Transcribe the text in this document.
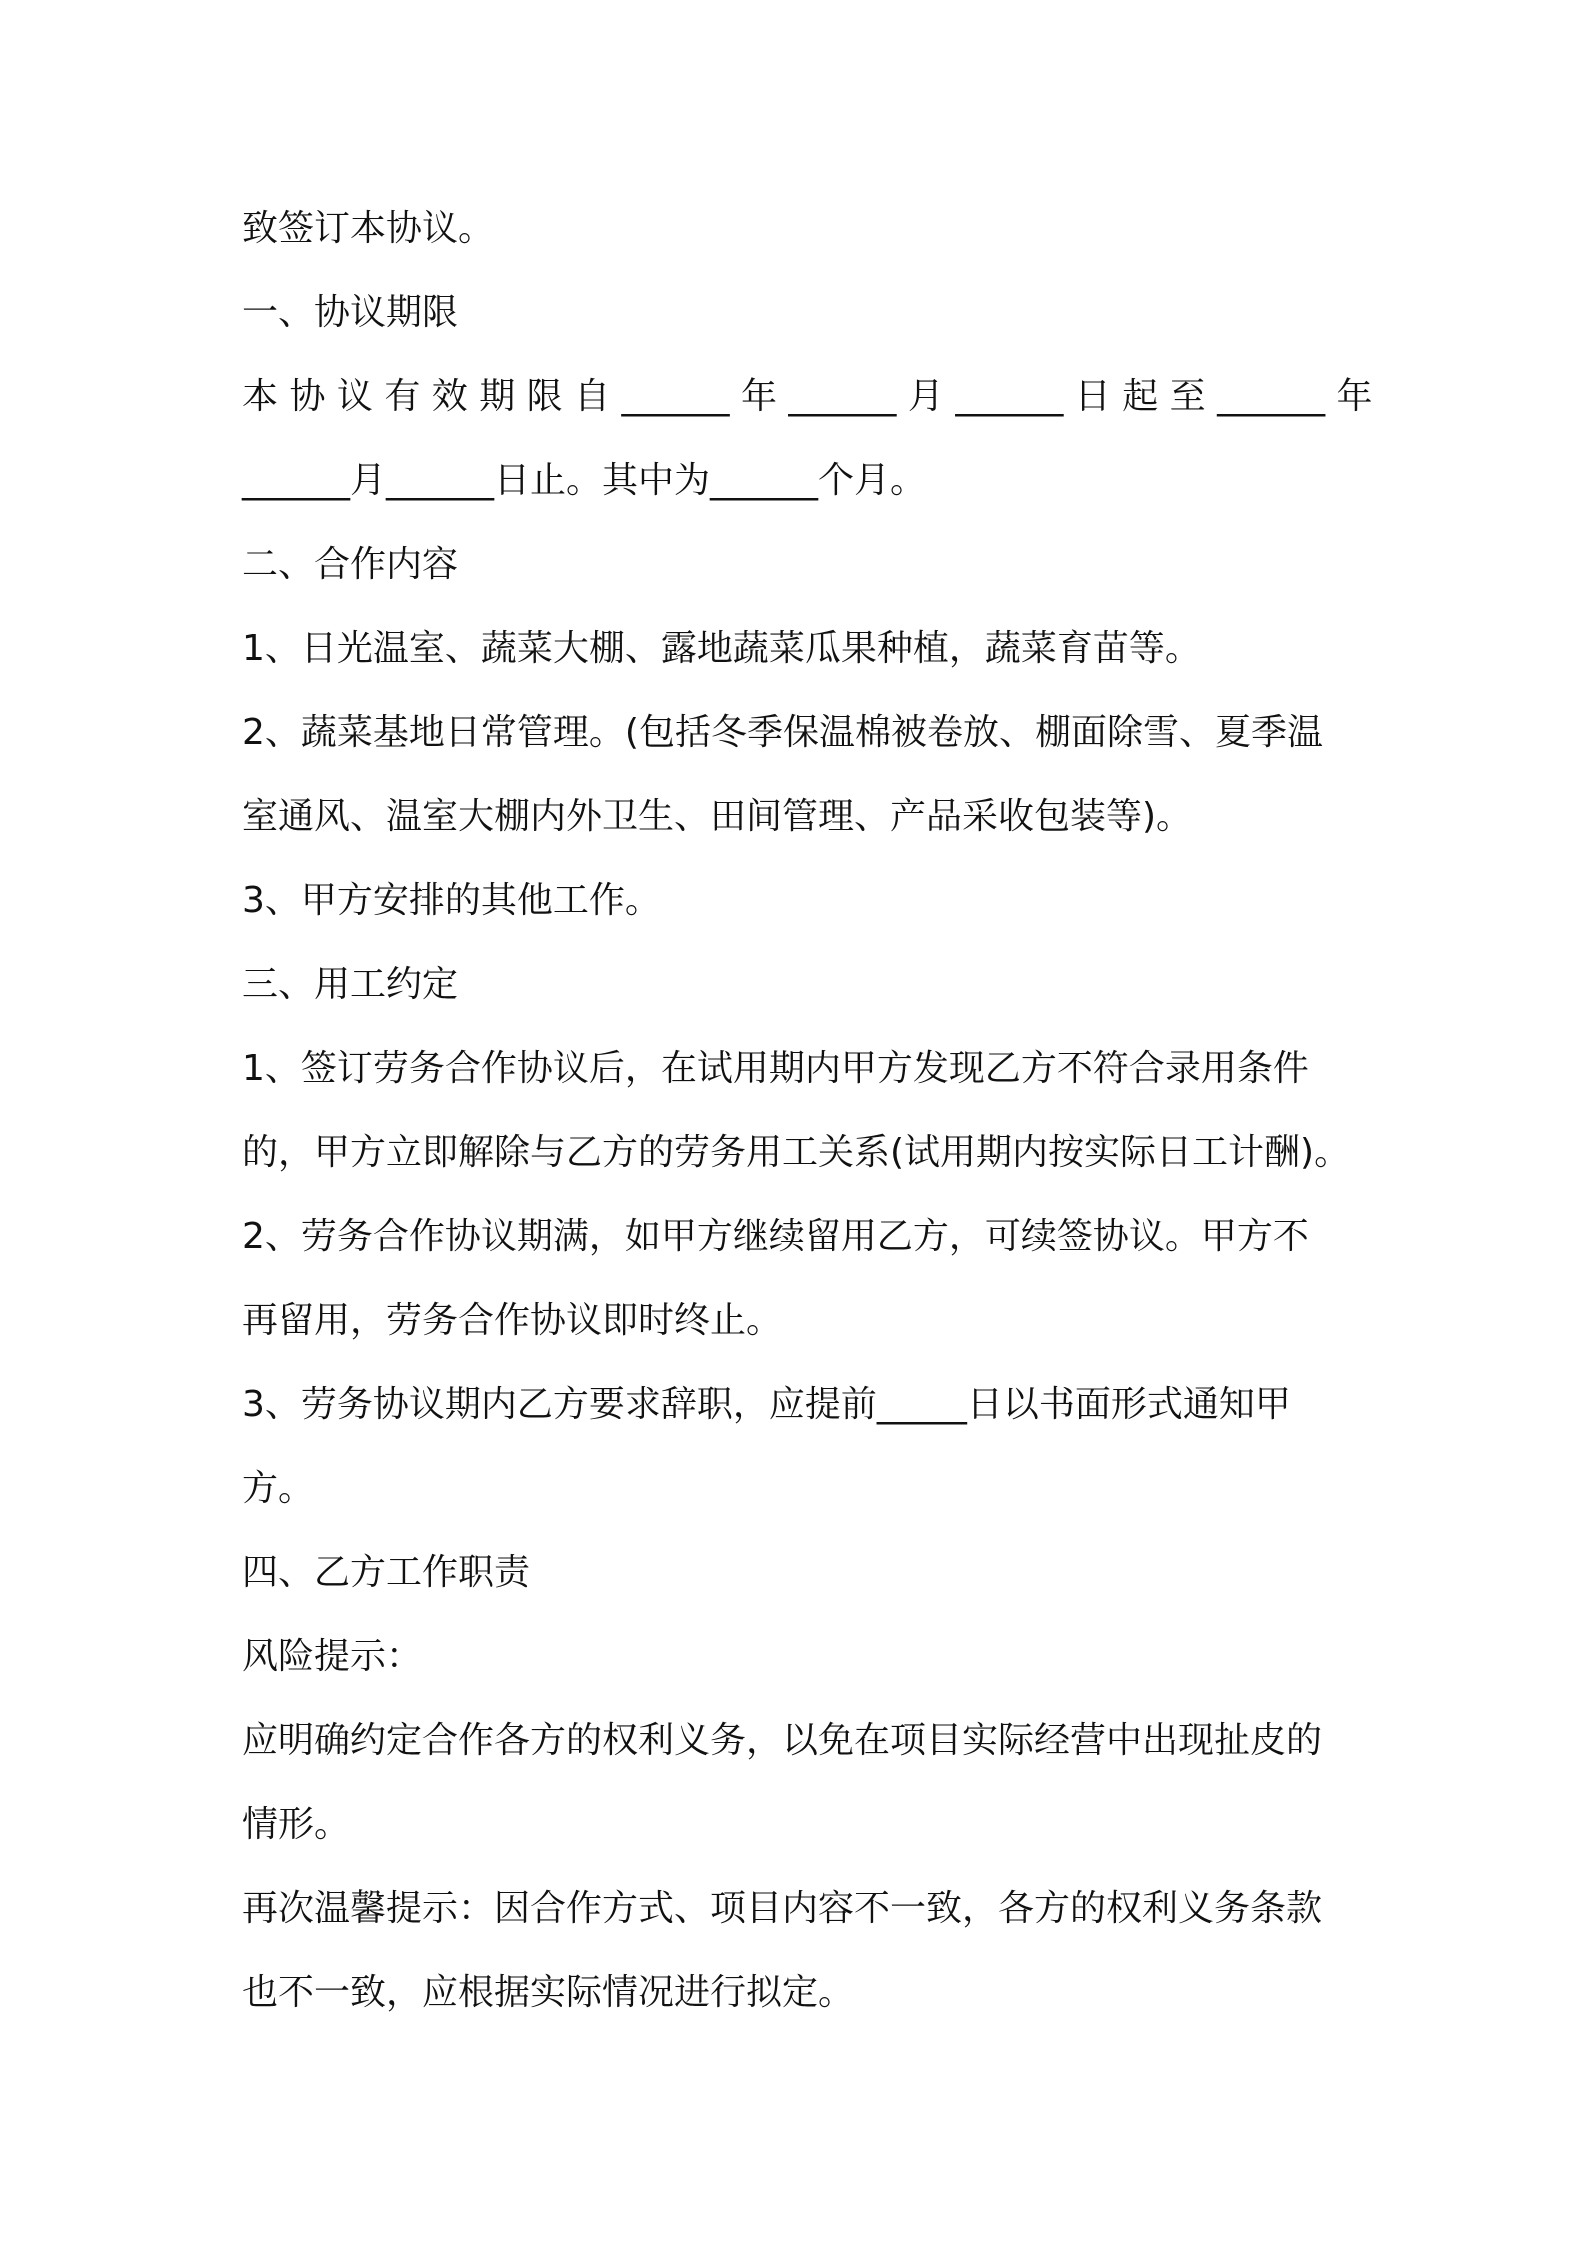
致签订本协议。
一、协议期限
本 协 议 有 效 期 限 自 ______ 年 ______ 月 ______ 日 起 至 ______ 年
______月______日止。其中为______个月。
二、合作内容
1、日光温室、蔬菜大棚、露地蔬菜瓜果种植，蔬菜育苗等。
2、蔬菜基地日常管理。(包括冬季保温棉被卷放、棚面除雪、夏季温
室通风、温室大棚内外卫生、田间管理、产品采收包装等)。
3、甲方安排的其他工作。
三、用工约定
1、签订劳务合作协议后，在试用期内甲方发现乙方不符合录用条件
的，甲方立即解除与乙方的劳务用工关系(试用期内按实际日工计酬)。
2、劳务合作协议期满，如甲方继续留用乙方，可续签协议。甲方不
再留用，劳务合作协议即时终止。
3、劳务协议期内乙方要求辞职，应提前_____日以书面形式通知甲
方。
四、乙方工作职责
风险提示：
应明确约定合作各方的权利义务，以免在项目实际经营中出现扯皮的
情形。
再次温馨提示：因合作方式、项目内容不一致，各方的权利义务条款
也不一致，应根据实际情况进行拟定。
